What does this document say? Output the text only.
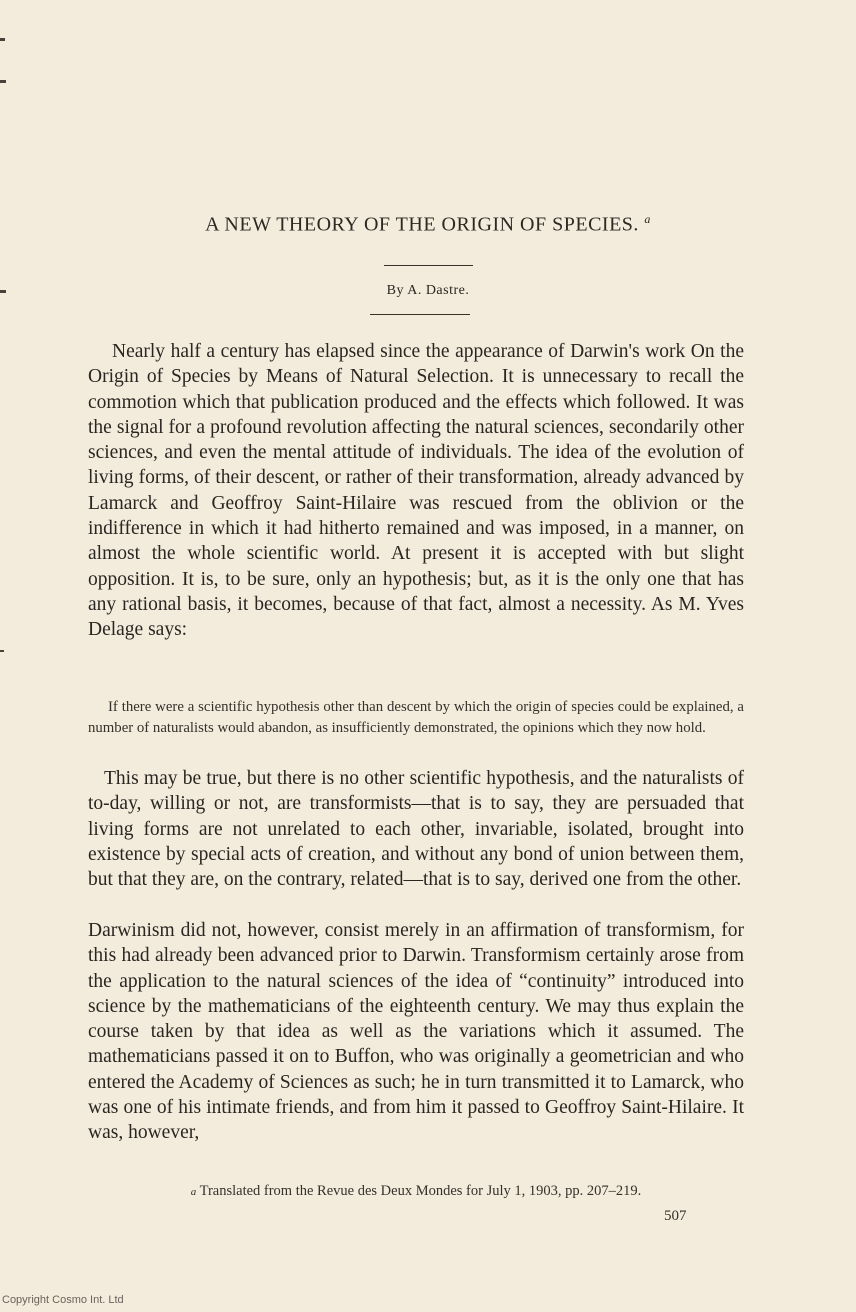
A NEW THEORY OF THE ORIGIN OF SPECIES. $^a$
By A. Dastre.

Nearly half a century has elapsed since the appearance of Darwin's work On the Origin of Species by Means of Natural Selection. It is unnecessary to recall the commotion which that publication produced and the effects which followed. It was the signal for a profound revolution affecting the natural sciences, secondarily other sciences, and even the mental attitude of individuals. The idea of the evolution of living forms, of their descent, or rather of their transformation, already advanced by Lamarck and Geoffroy Saint-Hilaire was rescued from the oblivion or the indifference in which it had hitherto remained and was imposed, in a manner, on almost the whole scientific world. At present it is accepted with but slight opposition. It is, to be sure, only an hypothesis; but, as it is the only one that has any rational basis, it becomes, because of that fact, almost a necessity. As M. Yves Delage says:

If there were a scientific hypothesis other than descent by which the origin of species could be explained, a number of naturalists would abandon, as insufficiently demonstrated, the opinions which they now hold.

This may be true, but there is no other scientific hypothesis, and the naturalists of to-day, willing or not, are transformists—that is to say, they are persuaded that living forms are not unrelated to each other, invariable, isolated, brought into existence by special acts of creation, and without any bond of union between them, but that they are, on the contrary, related—that is to say, derived one from the other.

Darwinism did not, however, consist merely in an affirmation of transformism, for this had already been advanced prior to Darwin. Transformism certainly arose from the application to the natural sciences of the idea of “continuity” introduced into science by the mathematicians of the eighteenth century. We may thus explain the course taken by that idea as well as the variations which it assumed. The mathematicians passed it on to Buffon, who was originally a geometrician and who entered the Academy of Sciences as such; he in turn transmitted it to Lamarck, who was one of his intimate friends, and from him it passed to Geoffroy Saint-Hilaire. It was, however,

a Translated from the Revue des Deux Mondes for July 1, 1903, pp. 207–219.
507
Copyright Cosmo Int. Ltd
